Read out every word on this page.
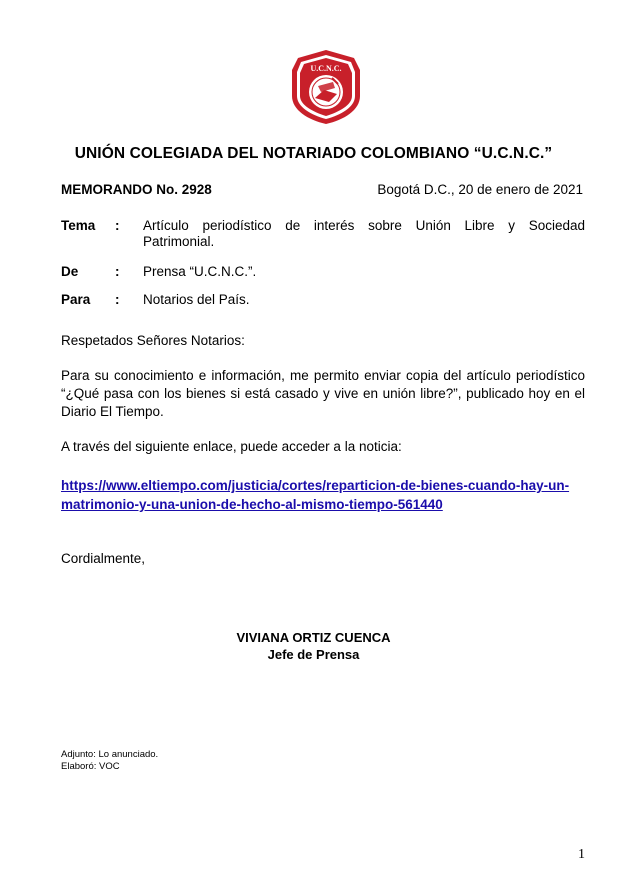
U.C.N.C.
UNIÓN COLEGIADA DEL NOTARIADO COLOMBIANO “U.C.N.C.”
MEMORANDO No. 2928	Bogotá D.C., 20 de enero de 2021
Tema : Artículo periodístico de interés sobre Unión Libre y Sociedad
Patrimonial.
De	: Prensa “U.C.N.C.”.
Para : Notarios del País.
Respetados Señores Notarios:
Para su conocimiento e información, me permito enviar copia del artículo periodístico
“¿Qué pasa con los bienes si está casado y vive en unión libre?”, publicado hoy en el
Diario El Tiempo.
A través del siguiente enlace, puede acceder a la noticia:
https://www.eltiempo.com/justicia/cortes/reparticion-de-bienes-cuando-hay-un-
matrimonio-y-una-union-de-hecho-al-mismo-tiempo-561440
Cordialmente,
VIVIANA ORTIZ CUENCA
Jefe de Prensa
Adjunto: Lo anunciado.
Elaboró: VOC
1
